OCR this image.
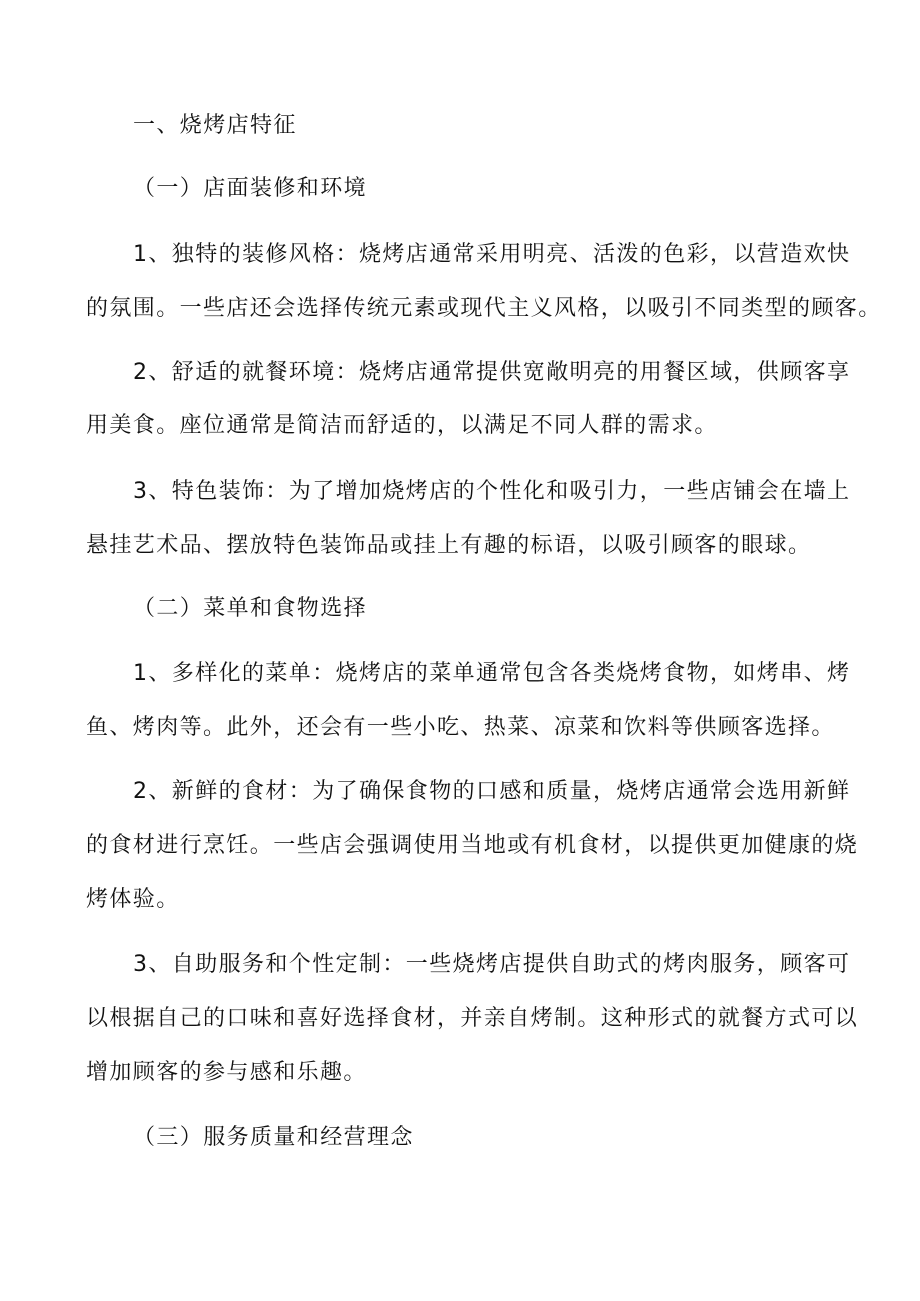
一、烧烤店特征
（一）店面装修和环境
1、独特的装修风格：烧烤店通常采用明亮、活泼的色彩，以营造欢快
的氛围。一些店还会选择传统元素或现代主义风格，以吸引不同类型的顾客。
2、舒适的就餐环境：烧烤店通常提供宽敞明亮的用餐区域，供顾客享
用美食。座位通常是简洁而舒适的，以满足不同人群的需求。
3、特色装饰：为了增加烧烤店的个性化和吸引力，一些店铺会在墙上
悬挂艺术品、摆放特色装饰品或挂上有趣的标语，以吸引顾客的眼球。
（二）菜单和食物选择
1、多样化的菜单：烧烤店的菜单通常包含各类烧烤食物，如烤串、烤
鱼、烤肉等。此外，还会有一些小吃、热菜、凉菜和饮料等供顾客选择。
2、新鲜的食材：为了确保食物的口感和质量，烧烤店通常会选用新鲜
的食材进行烹饪。一些店会强调使用当地或有机食材，以提供更加健康的烧
烤体验。
3、自助服务和个性定制：一些烧烤店提供自助式的烤肉服务，顾客可
以根据自己的口味和喜好选择食材，并亲自烤制。这种形式的就餐方式可以
增加顾客的参与感和乐趣。
（三）服务质量和经营理念
